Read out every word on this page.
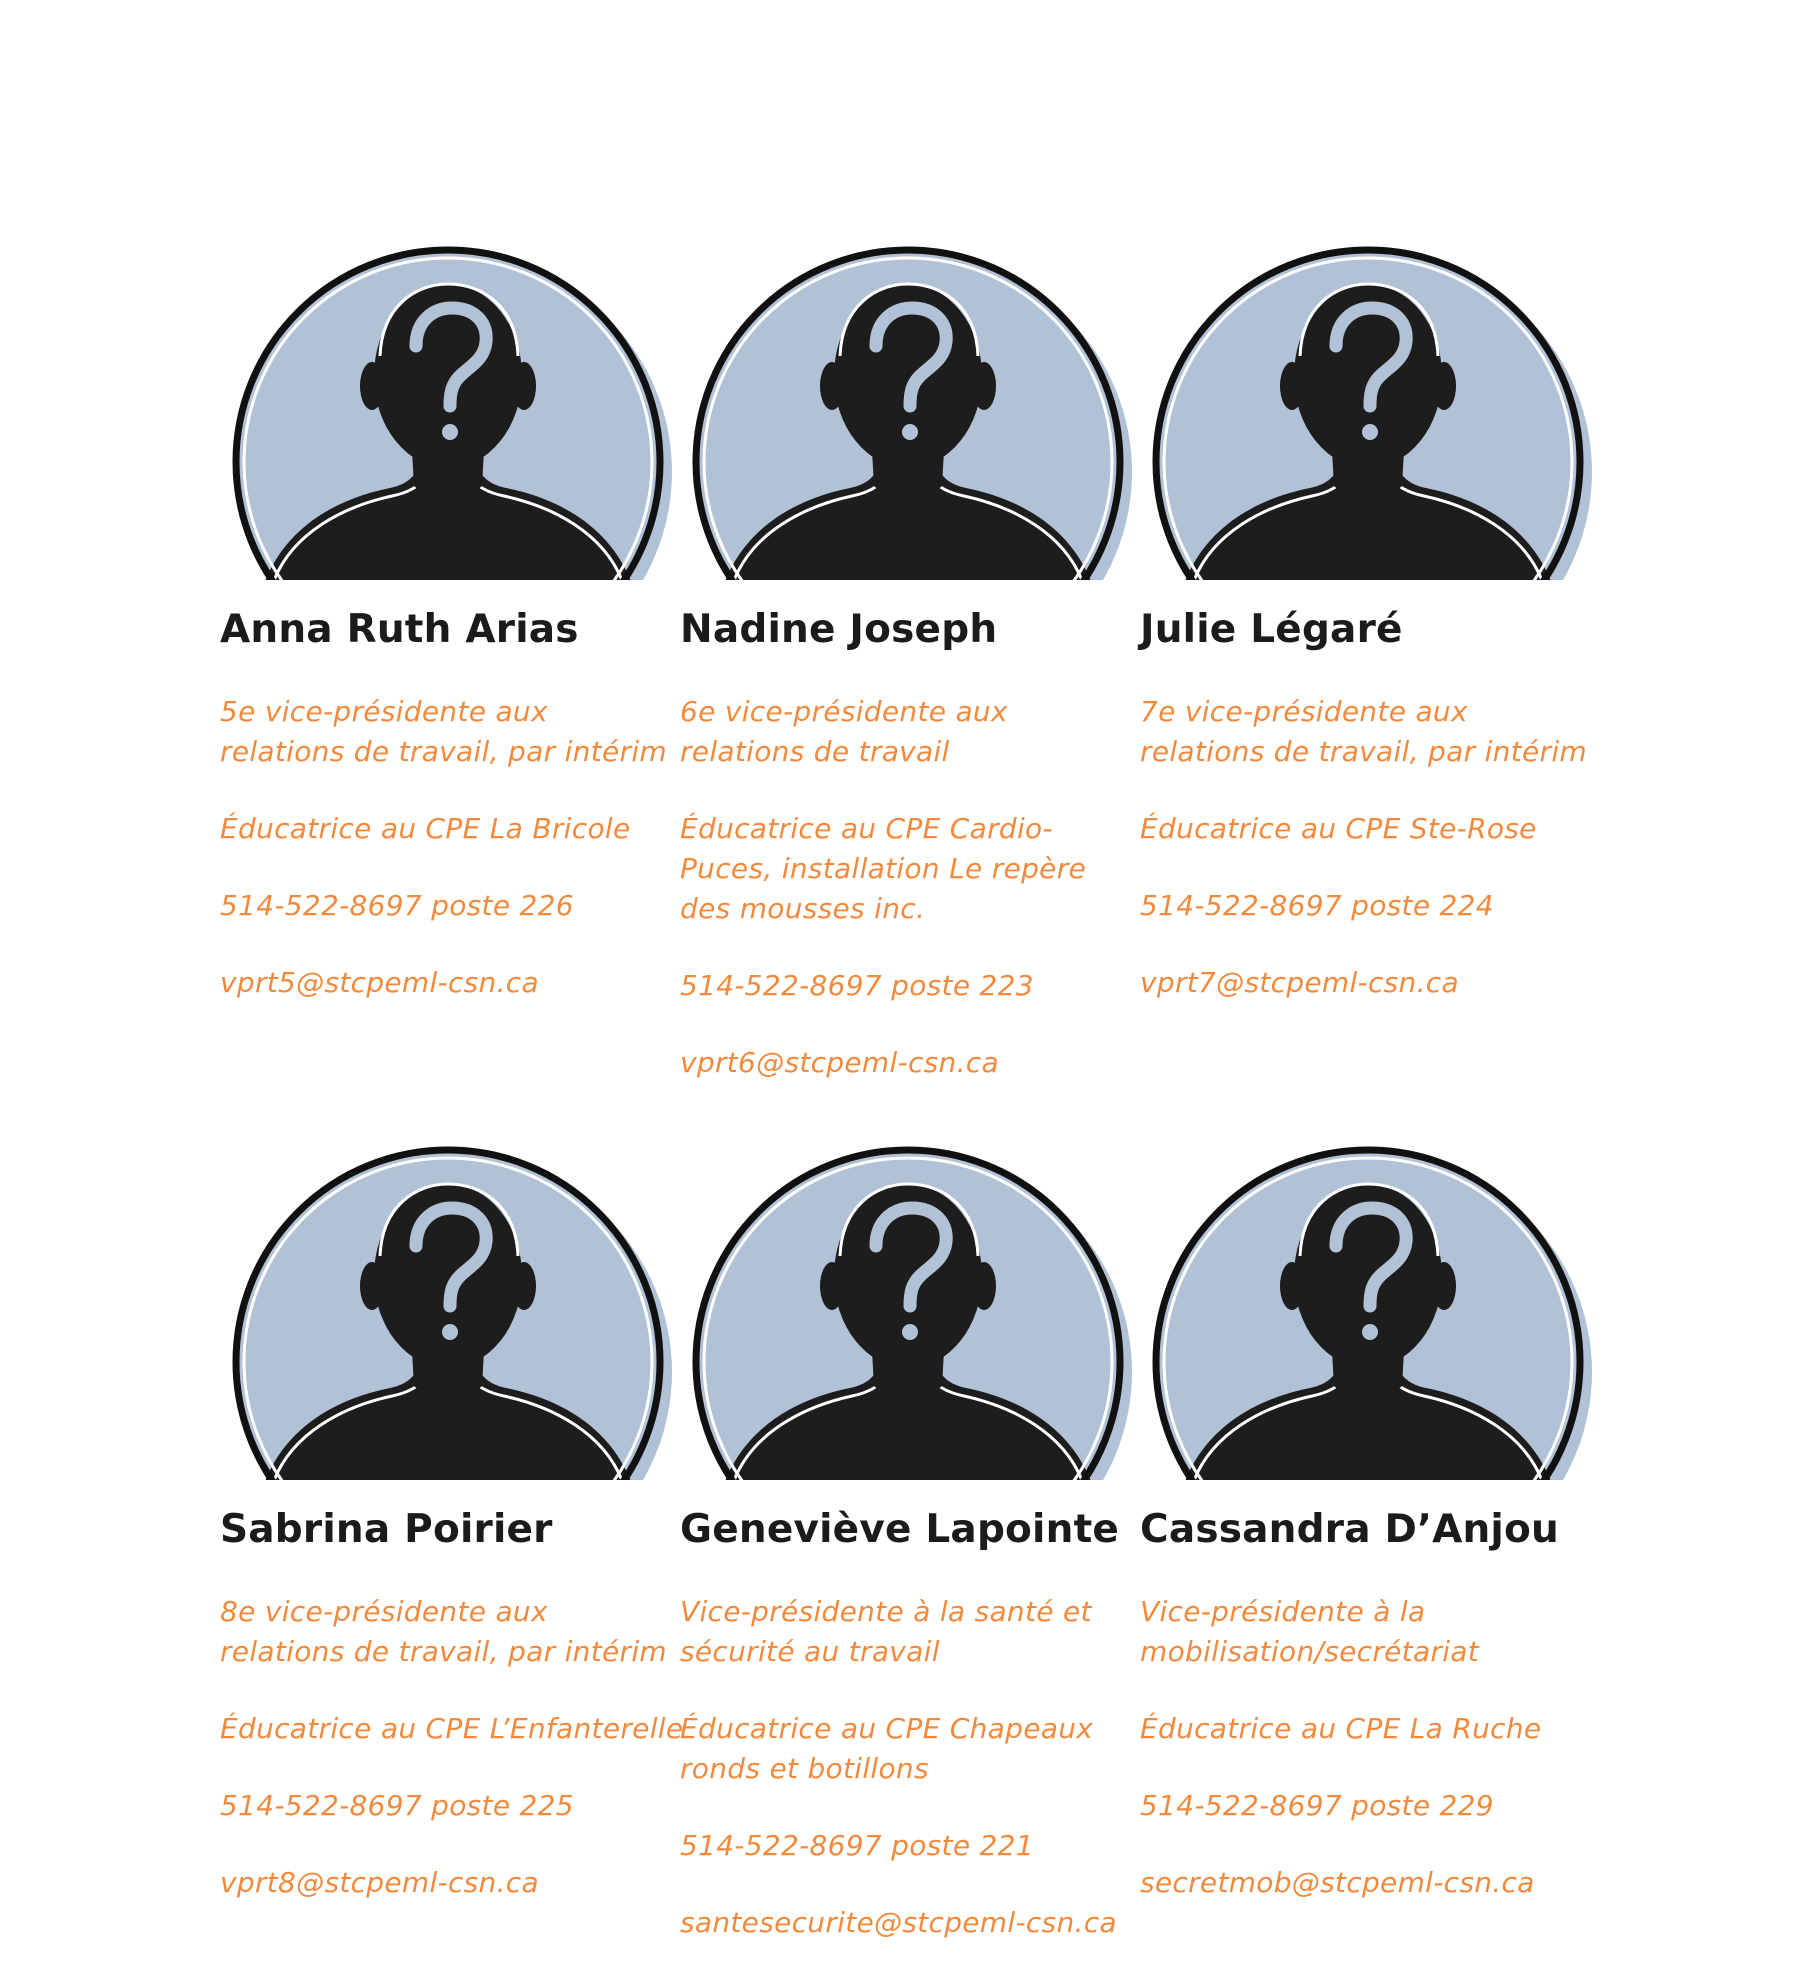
Anna Ruth Arias

5e vice-présidente aux relations de travail, par intérim

Éducatrice au CPE La Bricole

514-522-8697 poste 226

vprt5@stcpeml-csn.ca

Nadine Joseph

6e vice-présidente aux relations de travail

Éducatrice au CPE Cardio-Puces, installation Le repère des mousses inc.

514-522-8697 poste 223

vprt6@stcpeml-csn.ca

Julie Légaré

7e vice-présidente aux relations de travail, par intérim

Éducatrice au CPE Ste-Rose

514-522-8697 poste 224

vprt7@stcpeml-csn.ca

Sabrina Poirier

8e vice-présidente aux relations de travail, par intérim

Éducatrice au CPE L’Enfanterelle

514-522-8697 poste 225

vprt8@stcpeml-csn.ca

Geneviève Lapointe

Vice-présidente à la santé et sécurité au travail

Éducatrice au CPE Chapeaux ronds et botillons

514-522-8697 poste 221

santesecurite@stcpeml-csn.ca

Cassandra D’Anjou

Vice-présidente à la mobilisation/secrétariat

Éducatrice au CPE La Ruche

514-522-8697 poste 229

secretmob@stcpeml-csn.ca
